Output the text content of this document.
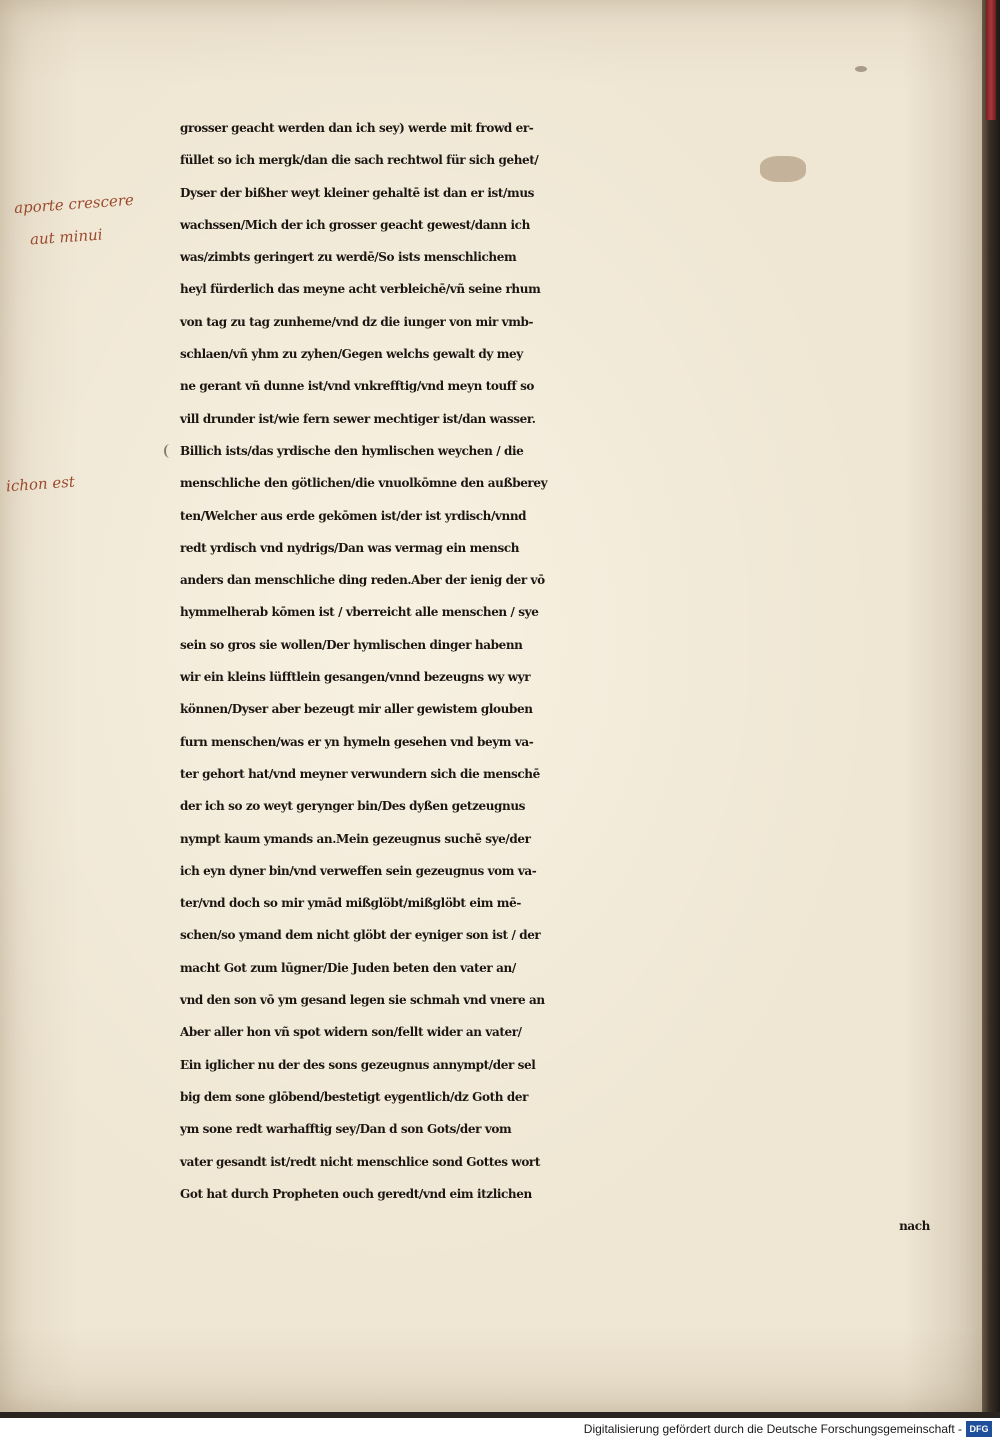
aporte crescere
aut minui
ichon est
grosser geacht werden dan ich sey) werde mit frowd er-
füllet so ich mergk/dan die sach rechtwol für sich gehet/
Dyser der bißher weyt kleiner gehaltē ist dan er ist/mus
wachssen/Mich der ich grosser geacht gewest/dann ich
was/zimbts geringert zu werdē/So ists menschlichem
heyl fürderlich das meyne acht verbleichē/vñ seine rhum
von tag zu tag zunheme/vnd dz die iunger von mir vmb-
schlaen/vñ yhm zu zyhen/Gegen welchs gewalt dy mey
ne gerant vñ dunne ist/vnd vnkrefftig/vnd meyn touff so
vill drunder ist/wie fern sewer mechtiger ist/dan wasser.
Billich ists/das yrdische den hymlischen weychen / die
menschliche den götlichen/die vnuolkōmne den außberey
ten/Welcher aus erde gekōmen ist/der ist yrdisch/vnnd
redt yrdisch vnd nydrigs/Dan was vermag ein mensch
anders dan menschliche ding reden.Aber der ienig der vō
hymmelherab kōmen ist / vberreicht alle menschen / sye
sein so gros sie wollen/Der hymlischen dinger habenn
wir ein kleins lüfftlein gesangen/vnnd bezeugns wy wyr
können/Dyser aber bezeugt mir aller gewistem glouben
furn menschen/was er yn hymeln gesehen vnd beym va-
ter gehort hat/vnd meyner verwundern sich die menschē
der ich so zo weyt gerynger bin/Des dyßen getzeugnus
nympt kaum ymands an.Mein gezeugnus suchē sye/der
ich eyn dyner bin/vnd verweffen sein gezeugnus vom va-
ter/vnd doch so mir ymād mißglöbt/mißglöbt eim mē-
schen/so ymand dem nicht glöbt der eyniger son ist / der
macht Got zum lūgner/Die Juden beten den vater an/
vnd den son vō ym gesand legen sie schmah vnd vnere an
Aber aller hon vñ spot widern son/fellt wider an vater/
Ein iglicher nu der des sons gezeugnus annympt/der sel
big dem sone glōbend/bestetigt eygentlich/dz Goth der
ym sone redt warhafftig sey/Dan d son Gots/der vom
vater gesandt ist/redt nicht menschlice sond Gottes wort
Got hat durch Propheten ouch geredt/vnd eim itzlichen
nach
Digitalisierung gefördert durch die Deutsche Forschungsgemeinschaft - DFG
